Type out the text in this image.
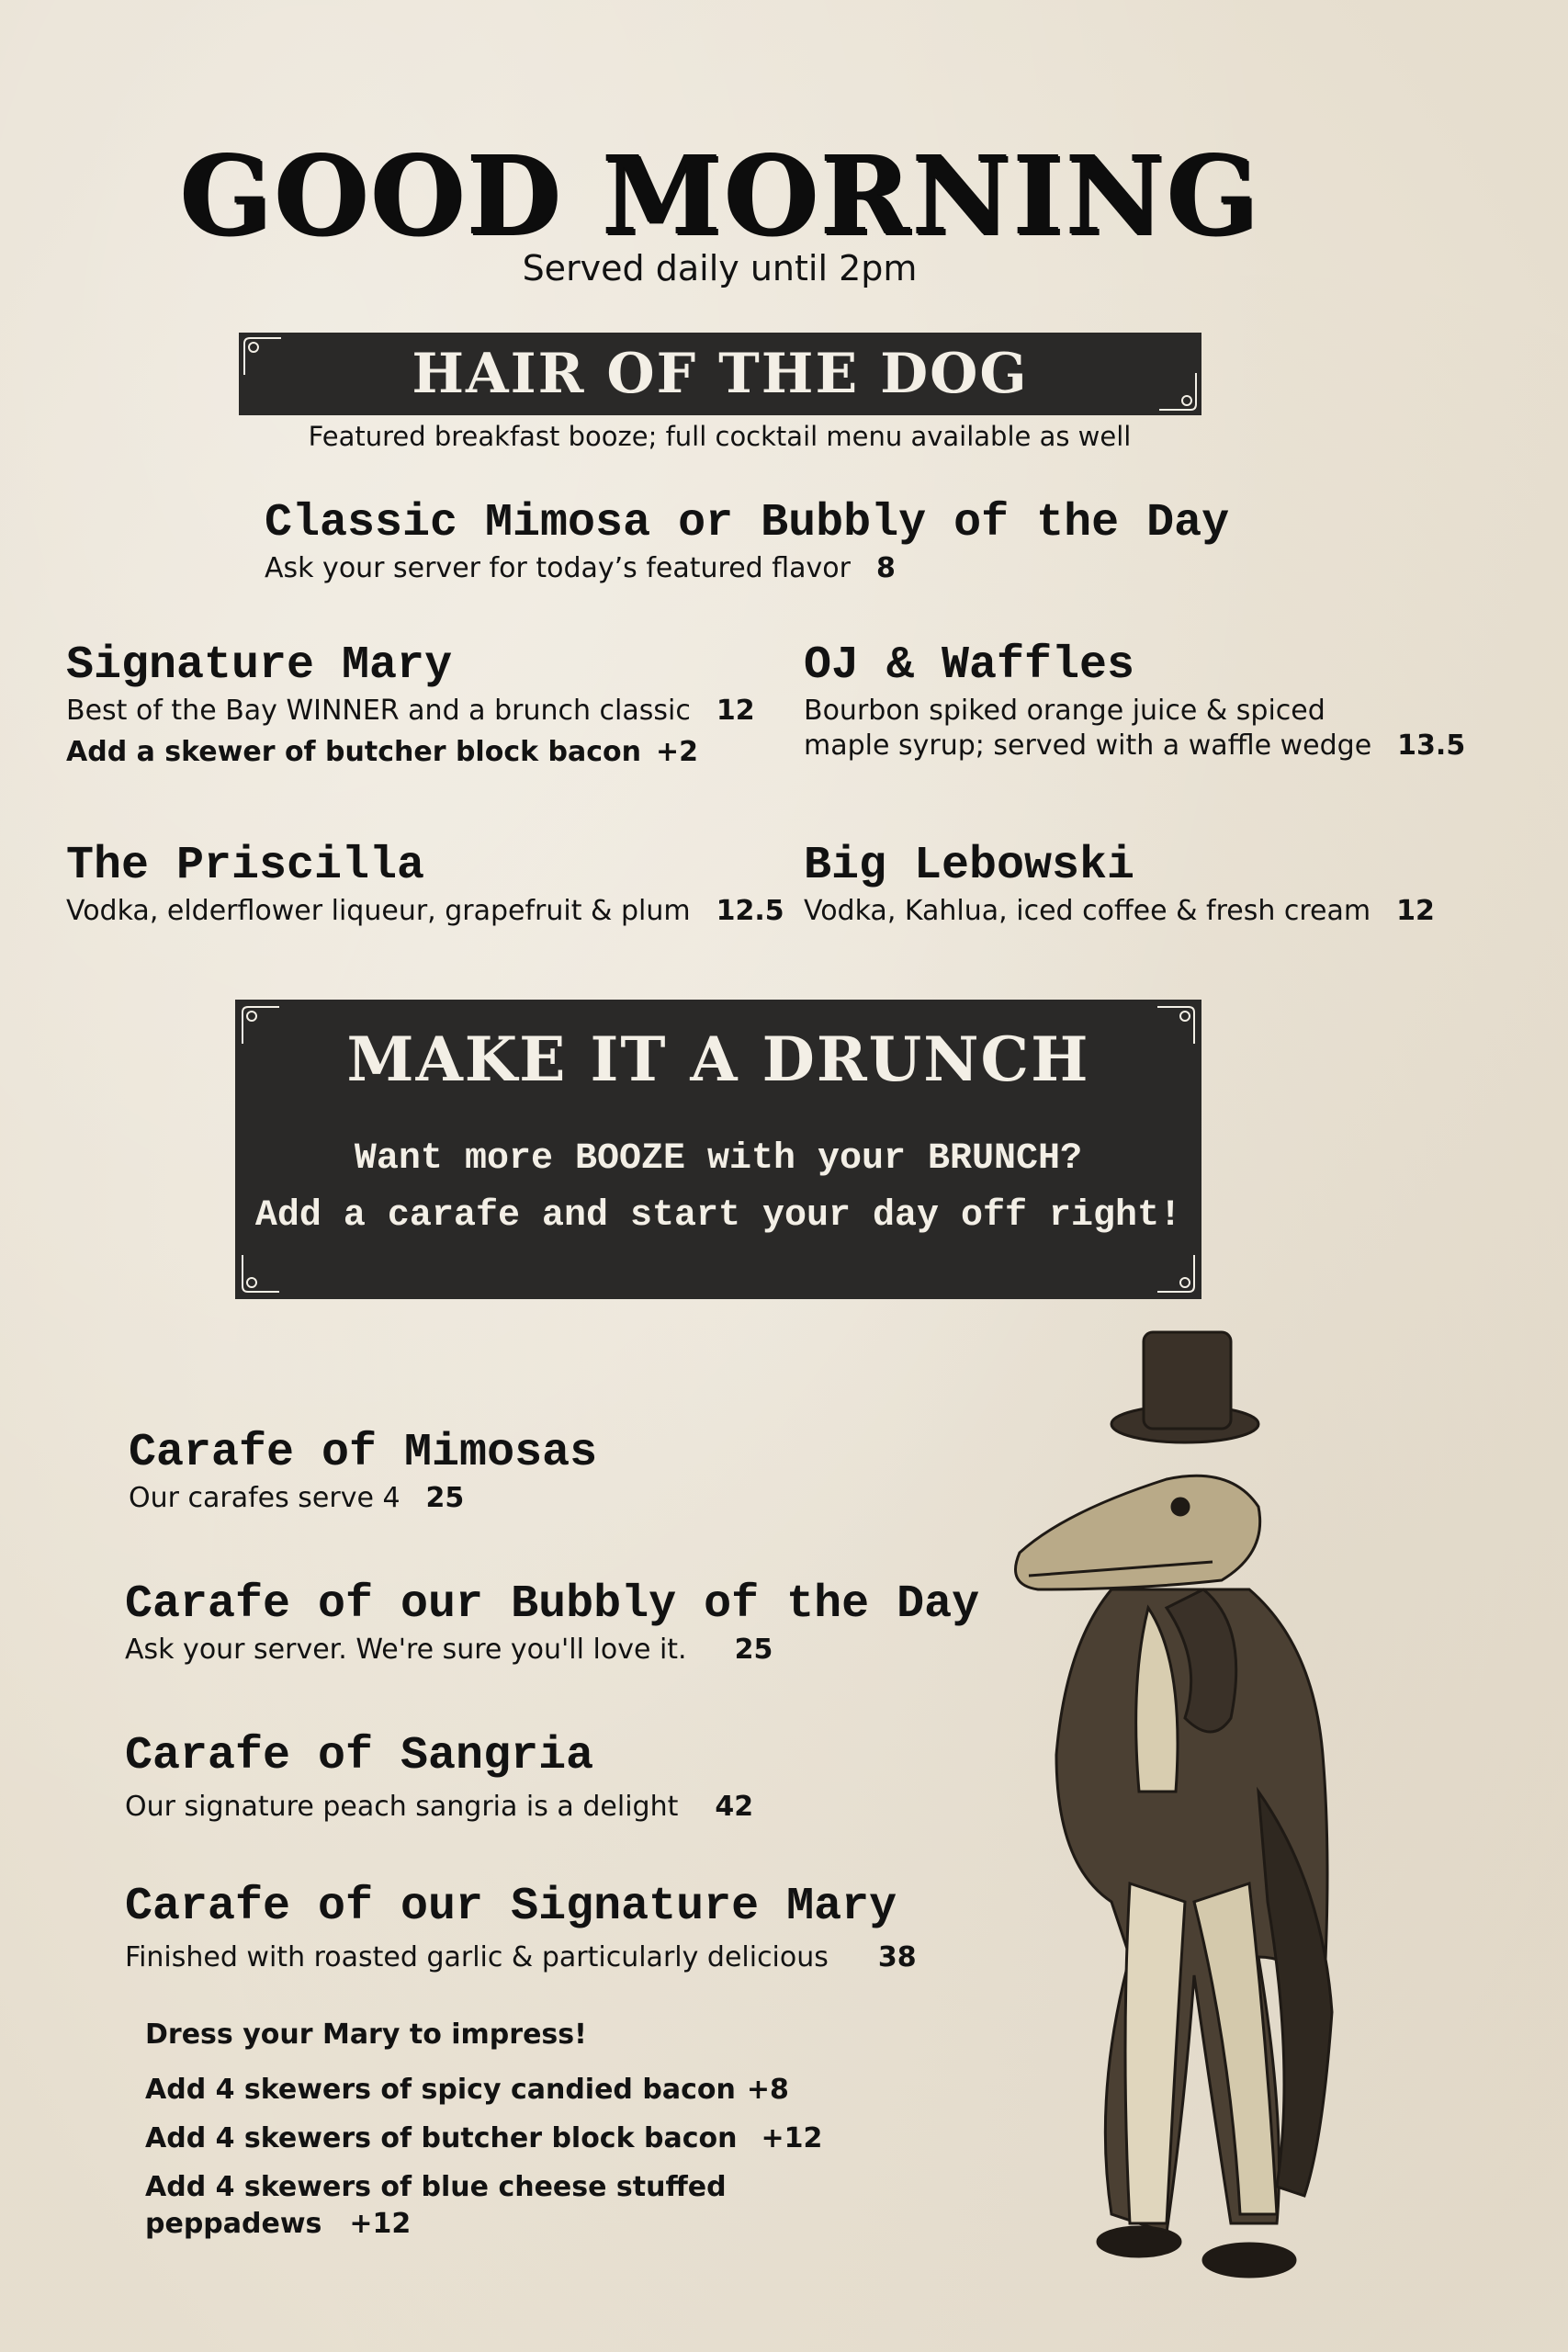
GOOD MORNING
Served daily until 2pm
HAIR OF THE DOG
Featured breakfast booze; full cocktail menu available as well
Classic Mimosa or Bubbly of the Day
Ask your server for today’s featured flavor 8
Signature Mary
Best of the Bay WINNER and a brunch classic 12
Add a skewer of butcher block bacon +2
OJ & Waffles
Bourbon spiked orange juice & spiced
maple syrup; served with a waffle wedge 13.5
The Priscilla
Vodka, elderflower liqueur, grapefruit & plum 12.5
Big Lebowski
Vodka, Kahlua, iced coffee & fresh cream 12
MAKE IT A DRUNCH
Want more BOOZE with your BRUNCH?
Add a carafe and start your day off right!
Carafe of Mimosas
Our carafes serve 4 25
Carafe of our Bubbly of the Day
Ask your server. We're sure you'll love it. 25
Carafe of Sangria
Our signature peach sangria is a delight 42
Carafe of our Signature Mary
Finished with roasted garlic & particularly delicious 38
Dress your Mary to impress!
Add 4 skewers of spicy candied bacon +8
Add 4 skewers of butcher block bacon +12
Add 4 skewers of blue cheese stuffed peppadews +12
